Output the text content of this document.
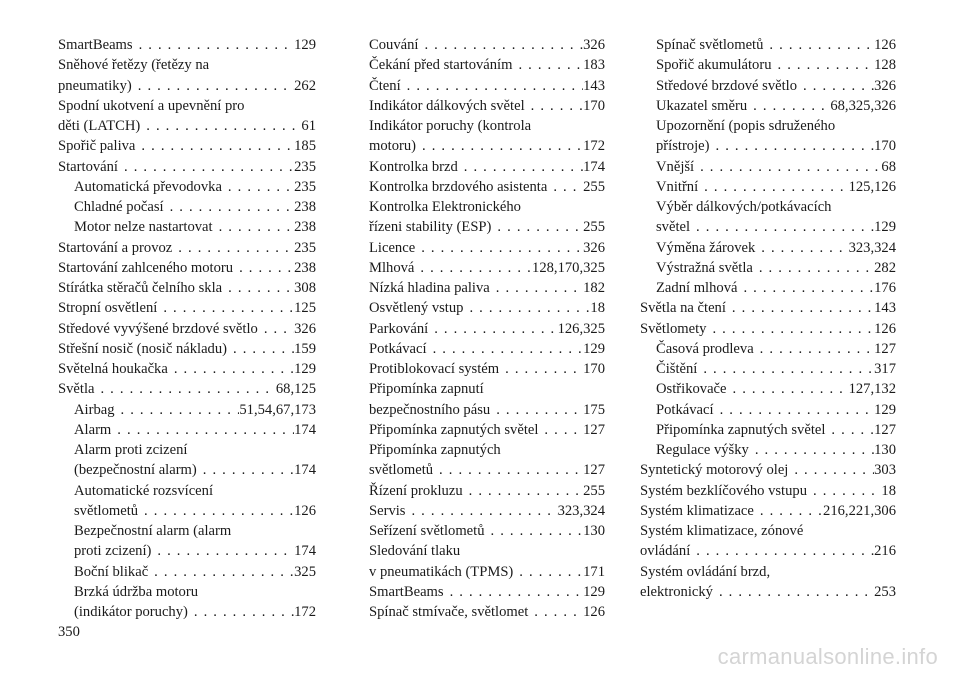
SmartBeams . . .	129
Sněhové řetězy (řetězy na
pneumatiky) . . .	262
Spodní ukotvení a upevnění pro
děti (LATCH) . . .	61
Spořič paliva . . .	185
Startování . . .	235
Automatická převodovka . . .	235
Chladné počasí . . .	238
Motor nelze nastartovat . . .	238
Startování a provoz . . .	235
Startování zahlceného motoru . . .	238
Stírátka stěračů čelního skla . . .	308
Stropní osvětlení . . .	125
Středové vyvýšené brzdové světlo . . . 326
Střešní nosič (nosič nákladu) . . .	159
Světelná houkačka . . .	129
Světla . . .	68,125
Airbag . . .	51,54,67,173
Alarm . . .	174
Alarm proti zcizení
(bezpečnostní alarm) . . .	174
Automatické rozsvícení
světlometů . . .	126
Bezpečnostní alarm (alarm
proti zcizení) . . .	174
Boční blikač . . .	325
Brzká údržba motoru
(indikátor poruchy) . . .	172
Couvání . . .	326
Čekání před startováním . . .	183
Čtení . . .	143
Indikátor dálkových světel . . .	170
Indikátor poruchy (kontrola
motoru) . . .	172
Kontrolka brzd . . .	174
Kontrolka brzdového asistenta . . . 255
Kontrolka Elektronického
řízeni stability (ESP) . . .	255
Licence . . .	326
Mlhová . . .	128,170,325
Nízká hladina paliva . . .	182
Osvětlený vstup . . .	18
Parkování . . .	126,325
Potkávací . . .	129
Protiblokovací systém . . .	170
Připomínka zapnutí
bezpečnostního pásu . . .	175
Připomínka zapnutých světel . . .	127
Připomínka zapnutých
světlometů . . .	127
Řízení prokluzu . . .	255
Servis . . .	323,324
Seřízení světlometů . . .	130
Sledování tlaku
v pneumatikách (TPMS) . . .	171
SmartBeams . . .	129
Spínač stmívače, světlomet . . .	126
Spínač světlometů . . .	126
Spořič akumulátoru . . .	128
Středové brzdové světlo . . .	326
Ukazatel směru . . .	68,325,326
Upozornění (popis sdruženého
přístroje) . . .	170
Vnější . . .	68
Vnitřní . . .	125,126
Výběr dálkových/potkávacích
světel . . .	129
Výměna žárovek . . .	323,324
Výstražná světla . . .	282
Zadní mlhová . . .	176
Světla na čtení . . .	143
Světlomety . . .	126
Časová prodleva . . .	127
Čištění . . .	317
Ostřikovače . . .	127,132
Potkávací . . .	129
Připomínka zapnutých světel . . .	127
Regulace výšky . . .	130
Syntetický motorový olej . . .	303
Systém bezklíčového vstupu . . .	18
Systém klimatizace . . .	216,221,306
Systém klimatizace, zónové
ovládání . . .	216
Systém ovládání brzd,
elektronický . . .	253
350
carmanualsonline.info
